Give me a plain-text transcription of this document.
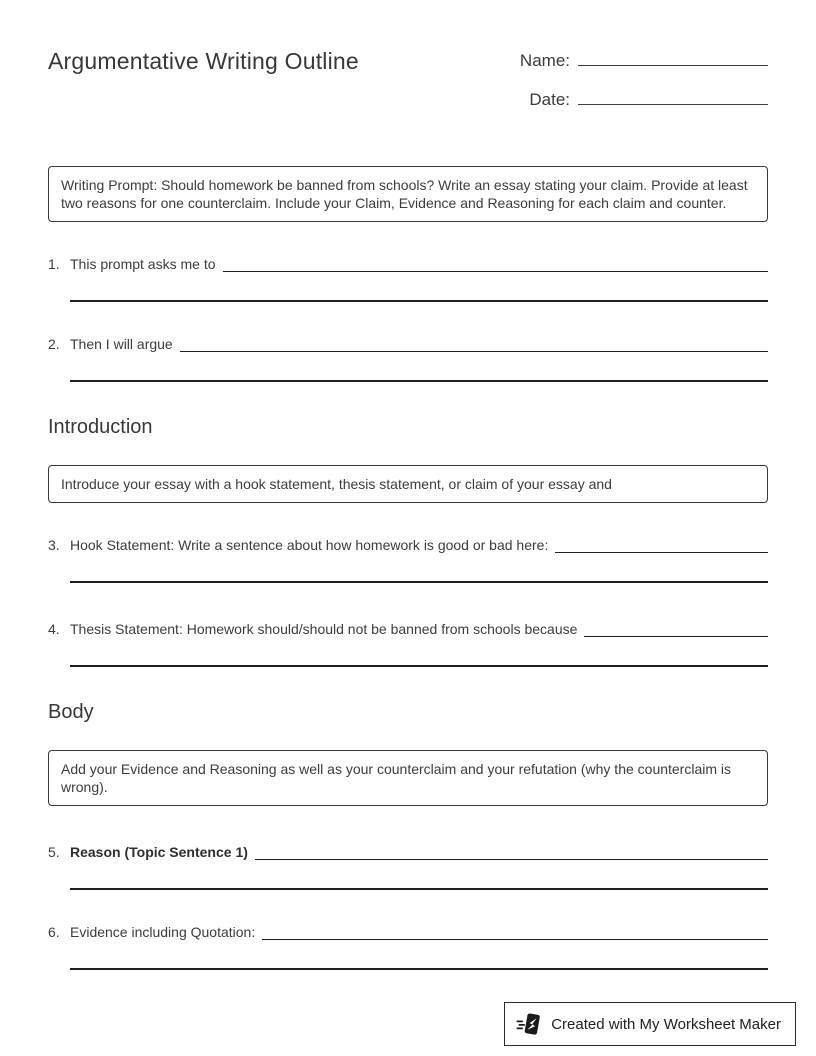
Argumentative Writing Outline	Name:
Date:
Writing Prompt: Should homework be banned from schools? Write an essay stating your claim. Provide at least two reasons for one counterclaim. Include your Claim, Evidence and Reasoning for each claim and counter.
1. This prompt asks me to
2. Then I will argue
Introduction
Introduce your essay with a hook statement, thesis statement, or claim of your essay and
3. Hook Statement: Write a sentence about how homework is good or bad here:
4. Thesis Statement: Homework should/should not be banned from schools because
Body
Add your Evidence and Reasoning as well as your counterclaim and your refutation (why the counterclaim is wrong).
5. Reason (Topic Sentence 1)
6. Evidence including Quotation:
Created with My Worksheet Maker
